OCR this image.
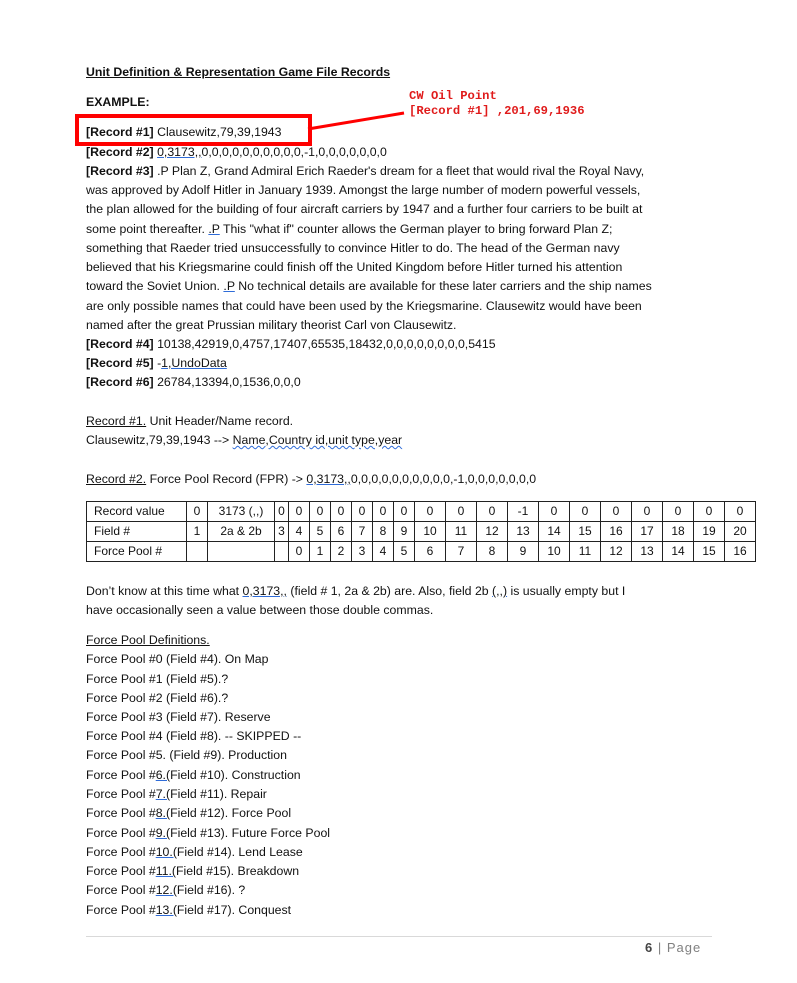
Unit Definition & Representation Game File Records
EXAMPLE:	CW Oil Point
[Record #1] ,201,69,1936
[Record #1] Clausewitz,79,39,1943
[Record #2] 0,3173,,0,0,0,0,0,0,0,0,0,0,-1,0,0,0,0,0,0,0
[Record #3] .P Plan Z, Grand Admiral Erich Raeder's dream for a fleet that would rival the Royal Navy,
was approved by Adolf Hitler in January 1939. Amongst the large number of modern powerful vessels,
the plan allowed for the building of four aircraft carriers by 1947 and a further four carriers to be built at
some point thereafter. .P This "what if" counter allows the German player to bring forward Plan Z;
something that Raeder tried unsuccessfully to convince Hitler to do. The head of the German navy
believed that his Kriegsmarine could finish off the United Kingdom before Hitler turned his attention
toward the Soviet Union. .P No technical details are available for these later carriers and the ship names
are only possible names that could have been used by the Kriegsmarine. Clausewitz would have been
named after the great Prussian military theorist Carl von Clausewitz.
[Record #4] 10138,42919,0,4757,17407,65535,18432,0,0,0,0,0,0,0,0,5415
[Record #5] -1,UndoData
[Record #6] 26784,13394,0,1536,0,0,0
Record #1. Unit Header/Name record.
Clausewitz,79,39,1943 --> Name,Country id,unit type,year
Record #2. Force Pool Record (FPR) -> 0,3173,,0,0,0,0,0,0,0,0,0,0,-1,0,0,0,0,0,0,0
Record value	0	3173 (,,)	0	0	0	0	0	0	0	0	0	0	-1	0	0	0	0	0	0	0
Field #	1	2a & 2b	3	4	5	6	7	8	9	10	11	12	13	14	15	16	17	18	19	20
Force Pool #				0	1	2	3	4	5	6	7	8	9	10	11	12	13	14	15	16
Don’t know at this time what 0,3173,, (field # 1, 2a & 2b) are. Also, field 2b (,,) is usually empty but I
have occasionally seen a value between those double commas.
Force Pool Definitions.
Force Pool #0 (Field #4). On Map
Force Pool #1 (Field #5).?
Force Pool #2 (Field #6).?
Force Pool #3 (Field #7). Reserve
Force Pool #4 (Field #8). -- SKIPPED --
Force Pool #5. (Field #9). Production
Force Pool #6.(Field #10). Construction
Force Pool #7.(Field #11). Repair
Force Pool #8.(Field #12). Force Pool
Force Pool #9.(Field #13). Future Force Pool
Force Pool #10.(Field #14). Lend Lease
Force Pool #11.(Field #15). Breakdown
Force Pool #12.(Field #16). ?
Force Pool #13.(Field #17). Conquest
6 | Page
